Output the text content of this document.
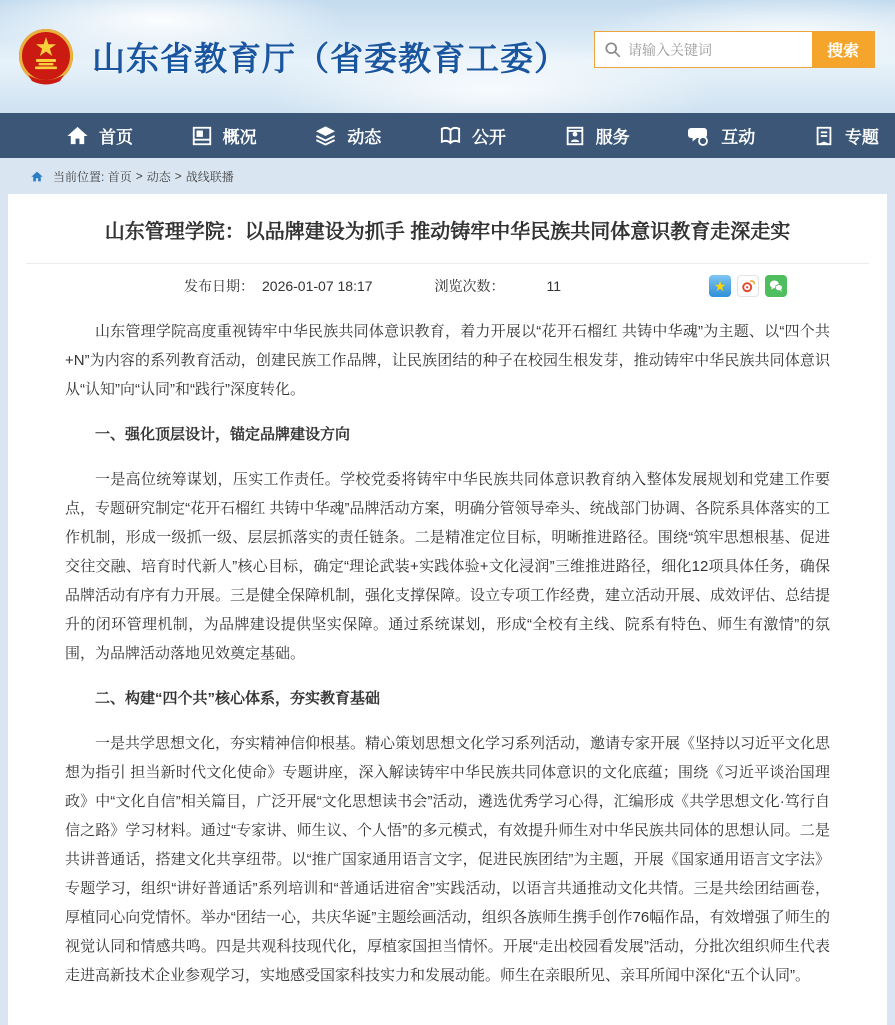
山东省教育厅（省委教育工委）
请输入关键词	搜索
首页	概况	动态	公开	服务	互动	专题
当前位置:
首页 > 动态 > 战线联播
山东管理学院：以品牌建设为抓手 推动铸牢中华民族共同体意识教育走深走实
发布日期： 2026-01-07 18:17	浏览次数：	11	★

山东管理学院高度重视铸牢中华民族共同体意识教育，着力开展以“花开石榴红 共铸中华魂”为主题、以“四个共+N”为内容的系列教育活动，创建民族工作品牌，让民族团结的种子在校园生根发芽，推动铸牢中华民族共同体意识从“认知”向“认同”和“践行”深度转化。

一、强化顶层设计，锚定品牌建设方向

一是高位统筹谋划，压实工作责任。学校党委将铸牢中华民族共同体意识教育纳入整体发展规划和党建工作要点，专题研究制定“花开石榴红 共铸中华魂”品牌活动方案，明确分管领导牵头、统战部门协调、各院系具体落实的工作机制，形成一级抓一级、层层抓落实的责任链条。二是精准定位目标，明晰推进路径。围绕“筑牢思想根基、促进交往交融、培育时代新人”核心目标，确定“理论武装+实践体验+文化浸润”三维推进路径，细化12项具体任务，确保品牌活动有序有力开展。三是健全保障机制，强化支撑保障。设立专项工作经费，建立活动开展、成效评估、总结提升的闭环管理机制，为品牌建设提供坚实保障。通过系统谋划，形成“全校有主线、院系有特色、师生有激情”的氛围，为品牌活动落地见效奠定基础。

二、构建“四个共”核心体系，夯实教育基础

一是共学思想文化，夯实精神信仰根基。精心策划思想文化学习系列活动，邀请专家开展《坚持以习近平文化思想为指引 担当新时代文化使命》专题讲座，深入解读铸牢中华民族共同体意识的文化底蕴；围绕《习近平谈治国理政》中“文化自信”相关篇目，广泛开展“文化思想读书会”活动，遴选优秀学习心得，汇编形成《共学思想文化·笃行自信之路》学习材料。通过“专家讲、师生议、个人悟”的多元模式，有效提升师生对中华民族共同体的思想认同。二是共讲普通话，搭建文化共享纽带。以“推广国家通用语言文字，促进民族团结”为主题，开展《国家通用语言文字法》专题学习，组织“讲好普通话”系列培训和“普通话进宿舍”实践活动，以语言共通推动文化共情。三是共绘团结画卷，厚植同心向党情怀。举办“团结一心，共庆华诞”主题绘画活动，组织各族师生携手创作76幅作品，有效增强了师生的视觉认同和情感共鸣。四是共观科技现代化，厚植家国担当情怀。开展“走出校园看发展”活动，分批次组织师生代表走进高新技术企业参观学习，实地感受国家科技实力和发展动能。师生在亲眼所见、亲耳所闻中深化“五个认同”。
